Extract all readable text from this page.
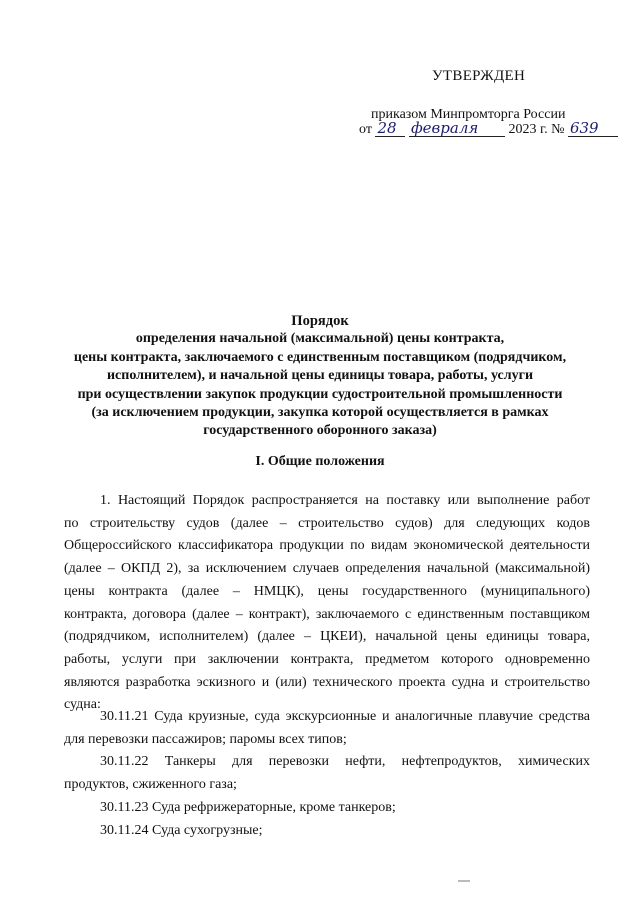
УТВЕРЖДЕН
приказом Минпромторга России
от 28 февраля 2023 г. № 639
Порядок
определения начальной (максимальной) цены контракта,
цены контракта, заключаемого с единственным поставщиком (подрядчиком,
исполнителем), и начальной цены единицы товара, работы, услуги
при осуществлении закупок продукции судостроительной промышленности
(за исключением продукции, закупка которой осуществляется в рамках
государственного оборонного заказа)
I. Общие положения
1. Настоящий Порядок распространяется на поставку или выполнение работ
по строительству судов (далее – строительство судов) для следующих кодов
Общероссийского классификатора продукции по видам экономической деятельности
(далее – ОКПД 2), за исключением случаев определения начальной (максимальной)
цены контракта (далее – НМЦК), цены государственного (муниципального)
контракта, договора (далее – контракт), заключаемого с единственным поставщиком
(подрядчиком, исполнителем) (далее – ЦКЕИ), начальной цены единицы товара,
работы, услуги при заключении контракта, предметом которого одновременно
являются разработка эскизного и (или) технического проекта судна и строительство
судна:
30.11.21 Суда круизные, суда экскурсионные и аналогичные плавучие средства
для перевозки пассажиров; паромы всех типов;
30.11.22 Танкеры для перевозки нефти, нефтепродуктов, химических
продуктов, сжиженного газа;
30.11.23 Суда рефрижераторные, кроме танкеров;
30.11.24 Суда сухогрузные;
